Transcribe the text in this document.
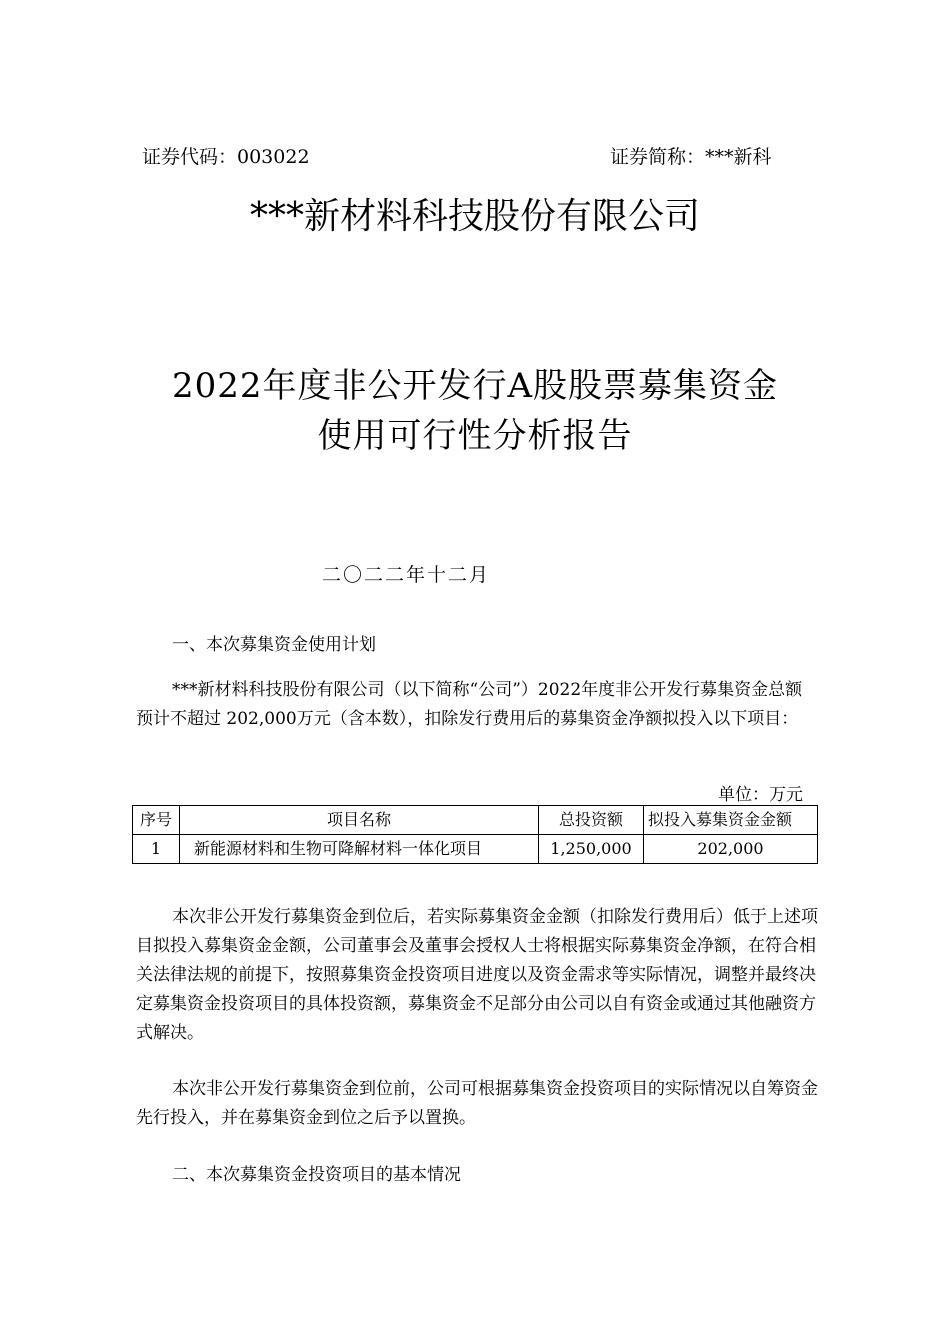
证券代码：003022	证券简称：***新科
***新材料科技股份有限公司
2022年度非公开发行A股股票募集资金
使用可行性分析报告
二〇二二年十二月
一、本次募集资金使用计划
***新材料科技股份有限公司（以下简称“公司”）2022年度非公开发行募集资金总额预计不超过 202,000万元（含本数），扣除发行费用后的募集资金净额拟投入以下项目：
单位：万元
序号	项目名称	总投资额	拟投入募集资金金额
1	新能源材料和生物可降解材料一体化项目	1,250,000	202,000
本次非公开发行募集资金到位后，若实际募集资金金额（扣除发行费用后）低于上述项目拟投入募集资金金额，公司董事会及董事会授权人士将根据实际募集资金净额，在符合相关法律法规的前提下，按照募集资金投资项目进度以及资金需求等实际情况，调整并最终决定募集资金投资项目的具体投资额，募集资金不足部分由公司以自有资金或通过其他融资方式解决。
本次非公开发行募集资金到位前，公司可根据募集资金投资项目的实际情况以自筹资金先行投入，并在募集资金到位之后予以置换。
二、本次募集资金投资项目的基本情况
